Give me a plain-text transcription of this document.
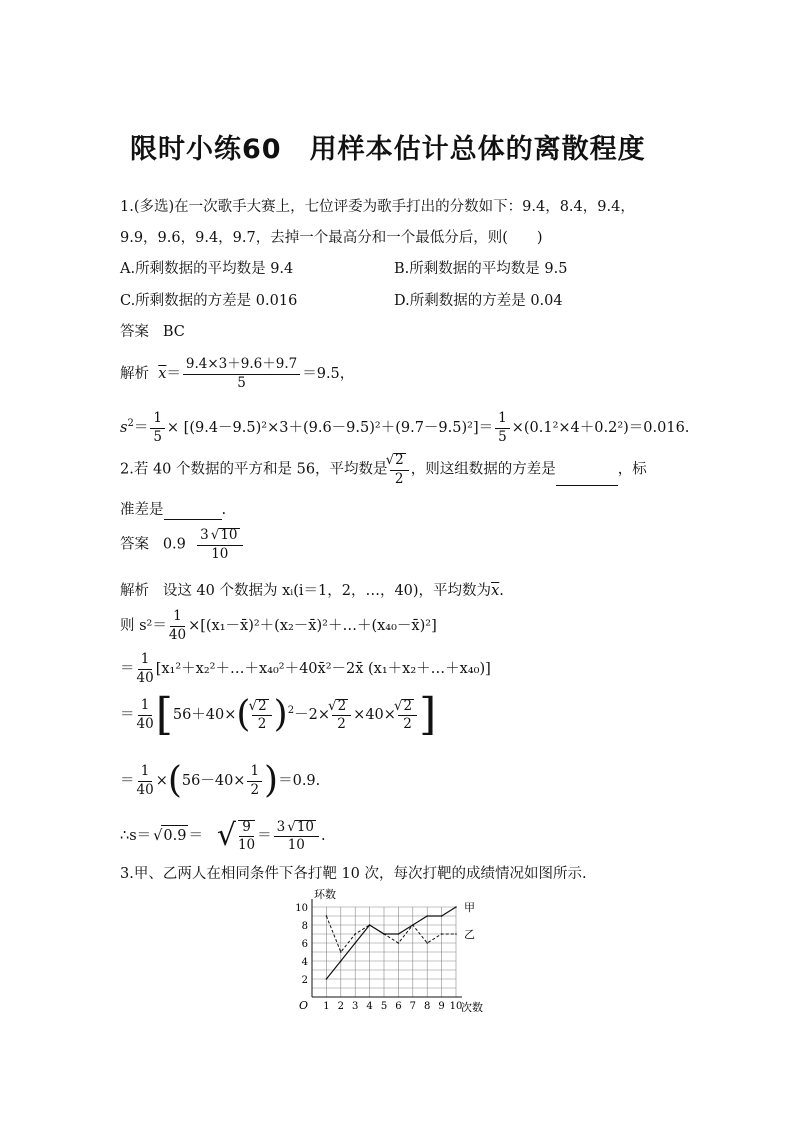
限时小练60　用样本估计总体的离散程度
1.(多选)在一次歌手大赛上，七位评委为歌手打出的分数如下：9.4，8.4，9.4，
9.9，9.6，9.4，9.7，去掉一个最高分和一个最低分后，则(　　)
A.所剩数据的平均数是 9.4	B.所剩数据的平均数是 9.5
C.所剩数据的方差是 0.016	D.所剩数据的方差是 0.04
答案 BC
解析 $\overline{x}= \frac{9.4\times 3+9.6+9.7}{5} =9.5$，
$s^2= \frac{1}{5} \times [(9.4-9.5)^2\times 3+(9.6-9.5)^2+(9.7-9.5)^2]= \frac{1}{5} \times(0.1^2\times 4+0.2^2)=0.016$.
2.若 40 个数据的平方和是 56，平均数是 √ $\frac{2}{2}$ ，则这组数据的方差是	，标
准差是	.
答案 $0.9 \frac{3 √ 10}{10}$
解析 设这 40 个数据为 xᵢ(i＝1，2，…，40)，平均数为$\overline{x}$.
则 $s^2= \frac{1}{40}$ ×[(x₁－x̄)²＋(x₂－x̄)²＋…＋(x₄₀－x̄)²]
＝ $\frac{1}{40}$ [x₁²＋x₂²＋…＋x₄₀²＋40x̄²－2x̄ (x₁＋x₂＋…＋x₄₀)]
＝ $\frac{1}{40} [56+40\times$( √ $\frac{2}{2} )^2-2\times$ √ $\frac{2}{2} \times 40\times$ √ $\frac{2}{2}$ ]
＝ $\frac{1}{40} \times(56-40\times \frac{1}{2} )=0.9$.
∴s＝ √ 0.9 ＝ √ $\frac{9}{10} = \frac{3 √ 10}{10}$ .
3.甲、乙两人在相同条件下各打靶 10 次，每次打靶的成绩情况如图所示.
1 2 3 4 5 6 7 8 9 10
2
4
6
8
10
O
环数
次数
甲
乙
